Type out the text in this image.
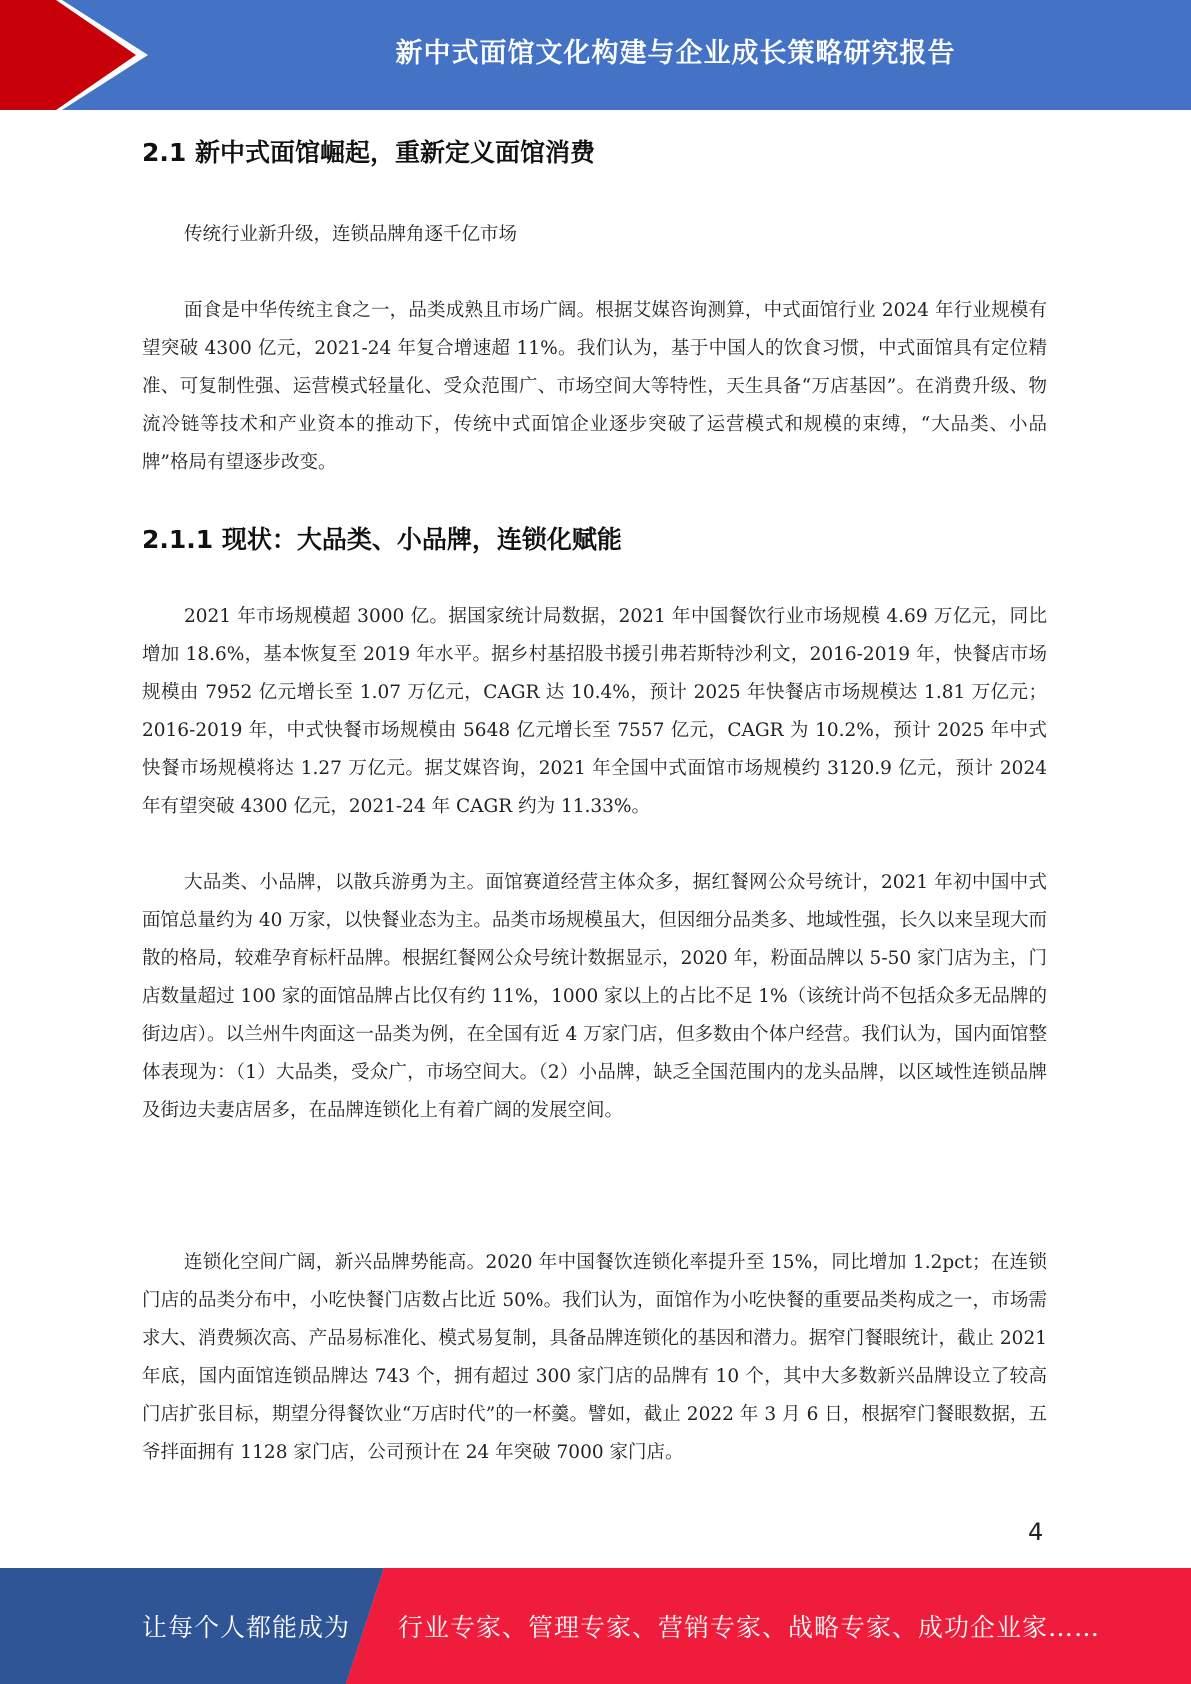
新中式面馆文化构建与企业成长策略研究报告
2.1 新中式面馆崛起，重新定义面馆消费

传统行业新升级，连锁品牌角逐千亿市场

面食是中华传统主食之一，品类成熟且市场广阔。根据艾媒咨询测算，中式面馆行业 2024 年行业规模有望突破 4300 亿元，2021-24 年复合增速超 11%。我们认为，基于中国人的饮食习惯，中式面馆具有定位精准、可复制性强、运营模式轻量化、受众范围广、市场空间大等特性，天生具备“万店基因”。在消费升级、物流冷链等技术和产业资本的推动下，传统中式面馆企业逐步突破了运营模式和规模的束缚，“大品类、小品牌”格局有望逐步改变。

2.1.1 现状：大品类、小品牌，连锁化赋能

2021 年市场规模超 3000 亿。据国家统计局数据，2021 年中国餐饮行业市场规模 4.69 万亿元，同比增加 18.6%，基本恢复至 2019 年水平。据乡村基招股书援引弗若斯特沙利文，2016-2019 年，快餐店市场规模由 7952 亿元增长至 1.07 万亿元，CAGR 达 10.4%，预计 2025 年快餐店市场规模达 1.81 万亿元；2016-2019 年，中式快餐市场规模由 5648 亿元增长至 7557 亿元，CAGR 为 10.2%，预计 2025 年中式快餐市场规模将达 1.27 万亿元。据艾媒咨询，2021 年全国中式面馆市场规模约 3120.9 亿元，预计 2024 年有望突破 4300 亿元，2021-24 年 CAGR 约为 11.33%。

大品类、小品牌，以散兵游勇为主。面馆赛道经营主体众多，据红餐网公众号统计，2021 年初中国中式面馆总量约为 40 万家，以快餐业态为主。品类市场规模虽大，但因细分品类多、地域性强，长久以来呈现大而散的格局，较难孕育标杆品牌。根据红餐网公众号统计数据显示，2020 年，粉面品牌以 5-50 家门店为主，门店数量超过 100 家的面馆品牌占比仅有约 11%，1000 家以上的占比不足 1%（该统计尚不包括众多无品牌的街边店）。以兰州牛肉面这一品类为例，在全国有近 4 万家门店，但多数由个体户经营。我们认为，国内面馆整体表现为：（1）大品类，受众广，市场空间大。（2）小品牌，缺乏全国范围内的龙头品牌，以区域性连锁品牌及街边夫妻店居多，在品牌连锁化上有着广阔的发展空间。

连锁化空间广阔，新兴品牌势能高。2020 年中国餐饮连锁化率提升至 15%，同比增加 1.2pct；在连锁门店的品类分布中，小吃快餐门店数占比近 50%。我们认为，面馆作为小吃快餐的重要品类构成之一，市场需求大、消费频次高、产品易标准化、模式易复制，具备品牌连锁化的基因和潜力。据窄门餐眼统计，截止 2021 年底，国内面馆连锁品牌达 743 个，拥有超过 300 家门店的品牌有 10 个，其中大多数新兴品牌设立了较高门店扩张目标，期望分得餐饮业“万店时代”的一杯羹。譬如，截止 2022 年 3 月 6 日，根据窄门餐眼数据，五爷拌面拥有 1128 家门店，公司预计在 24 年突破 7000 家门店。

4
让每个人都能成为 行业专家、管理专家、营销专家、战略专家、成功企业家……
